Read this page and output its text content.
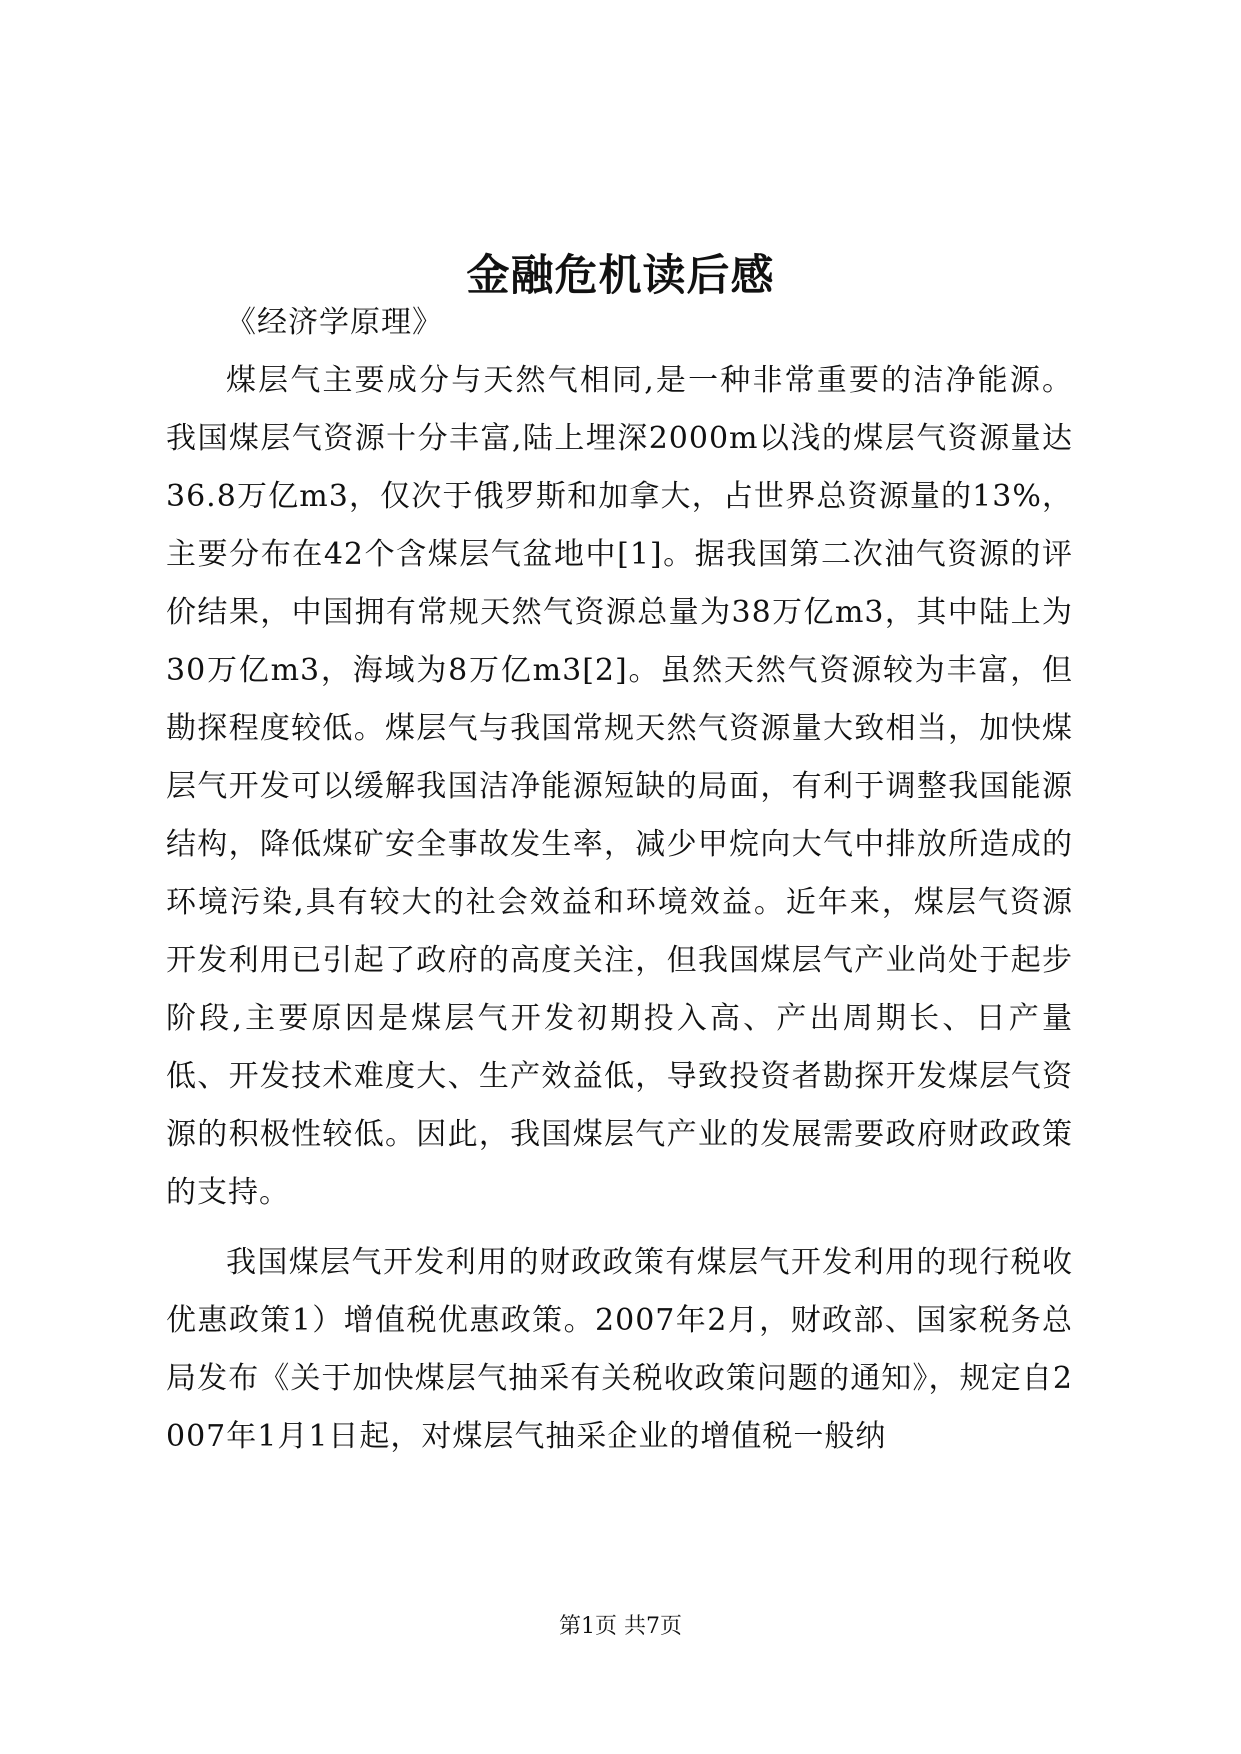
金融危机读后感

《经济学原理》

煤层气主要成分与天然气相同,是一种非常重要的洁净能源。我国煤层气资源十分丰富,陆上埋深2000m以浅的煤层气资源量达36.8万亿m3，仅次于俄罗斯和加拿大，占世界总资源量的13%，主要分布在42个含煤层气盆地中[1]。据我国第二次油气资源的评价结果，中国拥有常规天然气资源总量为38万亿m3，其中陆上为30万亿m3，海域为8万亿m3[2]。虽然天然气资源较为丰富，但勘探程度较低。煤层气与我国常规天然气资源量大致相当，加快煤层气开发可以缓解我国洁净能源短缺的局面，有利于调整我国能源结构，降低煤矿安全事故发生率，减少甲烷向大气中排放所造成的环境污染,具有较大的社会效益和环境效益。近年来，煤层气资源开发利用已引起了政府的高度关注，但我国煤层气产业尚处于起步阶段,主要原因是煤层气开发初期投入高、产出周期长、日产量低、开发技术难度大、生产效益低，导致投资者勘探开发煤层气资源的积极性较低。因此，我国煤层气产业的发展需要政府财政政策的支持。

我国煤层气开发利用的财政政策有煤层气开发利用的现行税收优惠政策1）增值税优惠政策。2007年2月，财政部、国家税务总局发布《关于加快煤层气抽采有关税收政策问题的通知》，规定自2007年1月1日起，对煤层气抽采企业的增值税一般纳

第1页 共7页
